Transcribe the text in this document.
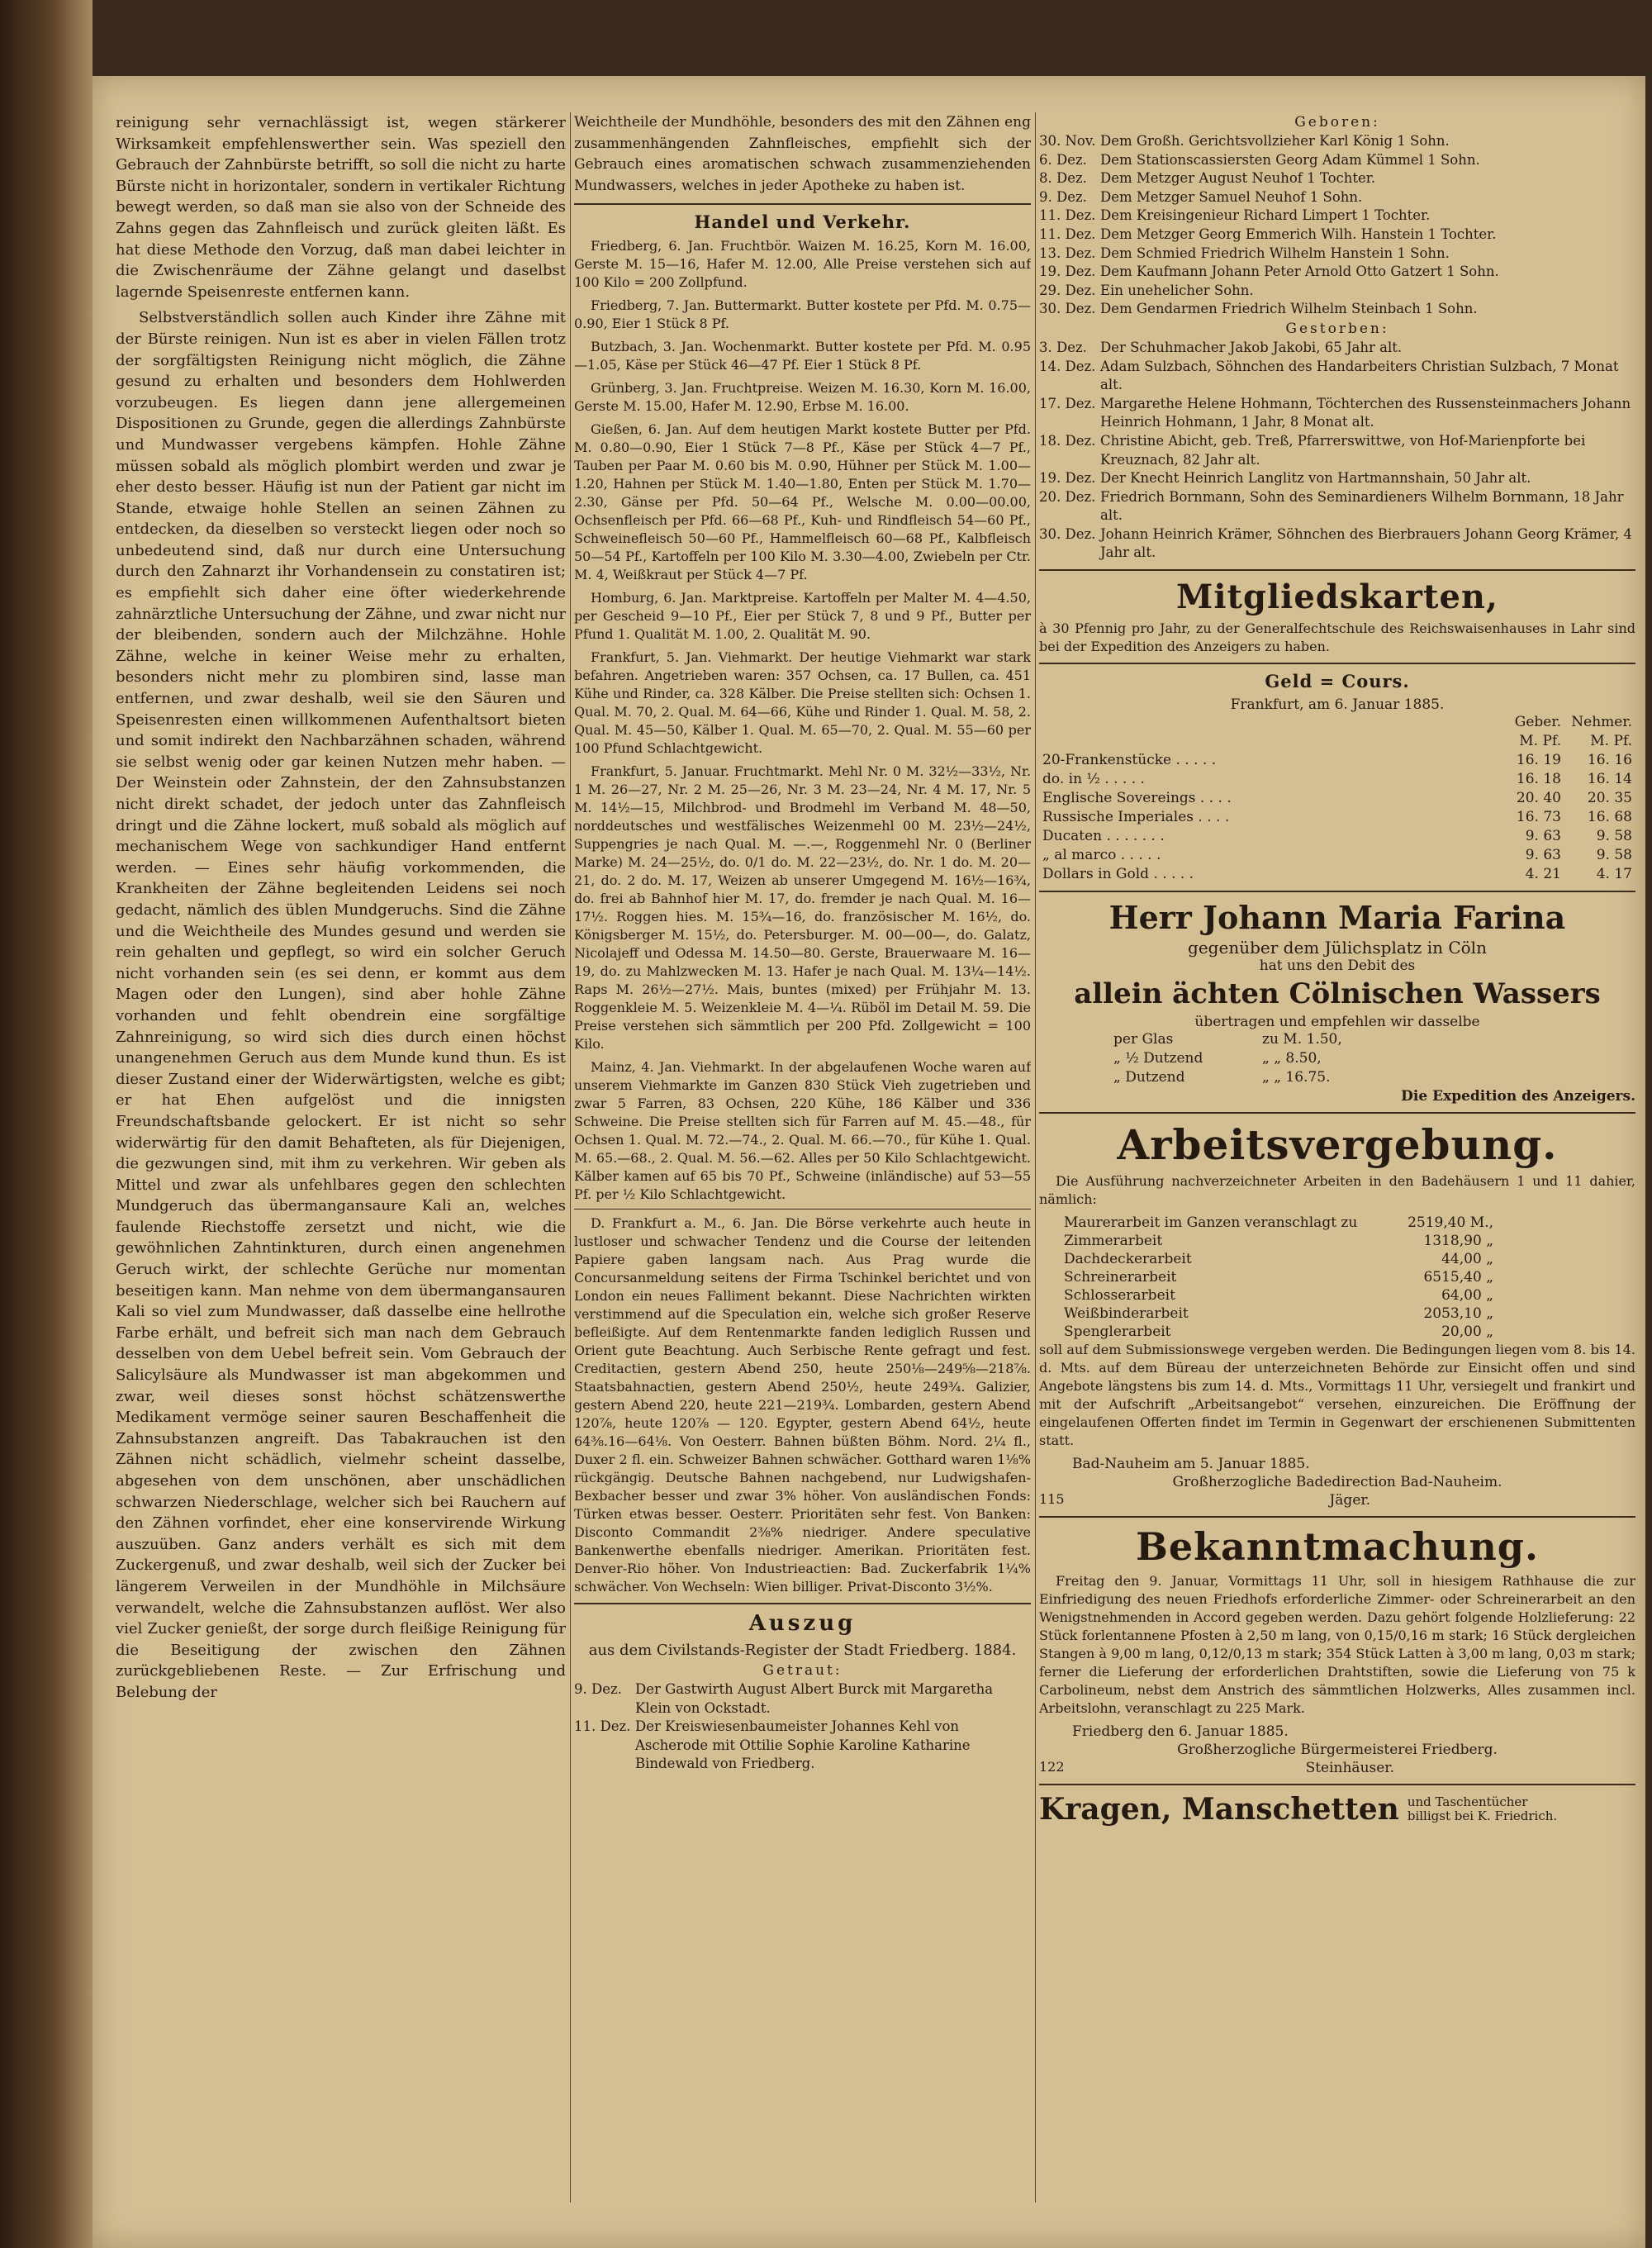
reinigung sehr vernachlässigt ist, wegen stärkerer Wirksamkeit empfehlenswerther sein. Was speziell den Gebrauch der Zahnbürste betrifft, so soll die nicht zu harte Bürste nicht in horizontaler, sondern in vertikaler Richtung bewegt werden, so daß man sie also von der Schneide des Zahns gegen das Zahnfleisch und zurück gleiten läßt. Es hat diese Methode den Vorzug, daß man dabei leichter in die Zwischenräume der Zähne gelangt und daselbst lagernde Speisenreste entfernen kann.

Selbstverständlich sollen auch Kinder ihre Zähne mit der Bürste reinigen. Nun ist es aber in vielen Fällen trotz der sorgfältigsten Reinigung nicht möglich, die Zähne gesund zu erhalten und besonders dem Hohlwerden vorzubeugen. Es liegen dann jene allergemeinen Dispositionen zu Grunde, gegen die allerdings Zahnbürste und Mundwasser vergebens kämpfen. Hohle Zähne müssen sobald als möglich plombirt werden und zwar je eher desto besser. Häufig ist nun der Patient gar nicht im Stande, etwaige hohle Stellen an seinen Zähnen zu entdecken, da dieselben so versteckt liegen oder noch so unbedeutend sind, daß nur durch eine Untersuchung durch den Zahnarzt ihr Vorhandensein zu constatiren ist; es empfiehlt sich daher eine öfter wiederkehrende zahnärztliche Untersuchung der Zähne, und zwar nicht nur der bleibenden, sondern auch der Milchzähne. Hohle Zähne, welche in keiner Weise mehr zu erhalten, besonders nicht mehr zu plombiren sind, lasse man entfernen, und zwar deshalb, weil sie den Säuren und Speisenresten einen willkommenen Aufenthaltsort bieten und somit indirekt den Nachbarzähnen schaden, während sie selbst wenig oder gar keinen Nutzen mehr haben. — Der Weinstein oder Zahnstein, der den Zahnsubstanzen nicht direkt schadet, der jedoch unter das Zahnfleisch dringt und die Zähne lockert, muß sobald als möglich auf mechanischem Wege von sachkundiger Hand entfernt werden. — Eines sehr häufig vorkommenden, die Krankheiten der Zähne begleitenden Leidens sei noch gedacht, nämlich des üblen Mundgeruchs. Sind die Zähne und die Weichtheile des Mundes gesund und werden sie rein gehalten und gepflegt, so wird ein solcher Geruch nicht vorhanden sein (es sei denn, er kommt aus dem Magen oder den Lungen), sind aber hohle Zähne vorhanden und fehlt obendrein eine sorgfältige Zahnreinigung, so wird sich dies durch einen höchst unangenehmen Geruch aus dem Munde kund thun. Es ist dieser Zustand einer der Widerwärtigsten, welche es gibt; er hat Ehen aufgelöst und die innigsten Freundschaftsbande gelockert. Er ist nicht so sehr widerwärtig für den damit Behafteten, als für Diejenigen, die gezwungen sind, mit ihm zu verkehren. Wir geben als Mittel und zwar als unfehlbares gegen den schlechten Mundgeruch das übermangansaure Kali an, welches faulende Riechstoffe zersetzt und nicht, wie die gewöhnlichen Zahntinkturen, durch einen angenehmen Geruch wirkt, der schlechte Gerüche nur momentan beseitigen kann. Man nehme von dem übermangansauren Kali so viel zum Mundwasser, daß dasselbe eine hellrothe Farbe erhält, und befreit sich man nach dem Gebrauch desselben von dem Uebel befreit sein. Vom Gebrauch der Salicylsäure als Mundwasser ist man abgekommen und zwar, weil dieses sonst höchst schätzenswerthe Medikament vermöge seiner sauren Beschaffenheit die Zahnsubstanzen angreift. Das Tabakrauchen ist den Zähnen nicht schädlich, vielmehr scheint dasselbe, abgesehen von dem unschönen, aber unschädlichen schwarzen Niederschlage, welcher sich bei Rauchern auf den Zähnen vorfindet, eher eine konservirende Wirkung auszuüben. Ganz anders verhält es sich mit dem Zuckergenuß, und zwar deshalb, weil sich der Zucker bei längerem Verweilen in der Mundhöhle in Milchsäure verwandelt, welche die Zahnsubstanzen auflöst. Wer also viel Zucker genießt, der sorge durch fleißige Reinigung für die Beseitigung der zwischen den Zähnen zurückgebliebenen Reste. — Zur Erfrischung und Belebung der

Weichtheile der Mundhöhle, besonders des mit den Zähnen eng zusammenhängenden Zahnfleisches, empfiehlt sich der Gebrauch eines aromatischen schwach zusammenziehenden Mundwassers, welches in jeder Apotheke zu haben ist.

Handel und Verkehr.

Friedberg, 6. Jan. Fruchtbör. Waizen M. 16.25, Korn M. 16.00, Gerste M. 15—16, Hafer M. 12.00, Alle Preise verstehen sich auf 100 Kilo = 200 Zollpfund.

Friedberg, 7. Jan. Buttermarkt. Butter kostete per Pfd. M. 0.75—0.90, Eier 1 Stück 8 Pf.

Butzbach, 3. Jan. Wochenmarkt. Butter kostete per Pfd. M. 0.95—1.05, Käse per Stück 46—47 Pf. Eier 1 Stück 8 Pf.

Grünberg, 3. Jan. Fruchtpreise. Weizen M. 16.30, Korn M. 16.00, Gerste M. 15.00, Hafer M. 12.90, Erbse M. 16.00.

Gießen, 6. Jan. Auf dem heutigen Markt kostete Butter per Pfd. M. 0.80—0.90, Eier 1 Stück 7—8 Pf., Käse per Stück 4—7 Pf., Tauben per Paar M. 0.60 bis M. 0.90, Hühner per Stück M. 1.00—1.20, Hahnen per Stück M. 1.40—1.80, Enten per Stück M. 1.70—2.30, Gänse per Pfd. 50—64 Pf., Welsche M. 0.00—00.00, Ochsenfleisch per Pfd. 66—68 Pf., Kuh- und Rindfleisch 54—60 Pf., Schweinefleisch 50—60 Pf., Hammelfleisch 60—68 Pf., Kalbfleisch 50—54 Pf., Kartoffeln per 100 Kilo M. 3.30—4.00, Zwiebeln per Ctr. M. 4, Weißkraut per Stück 4—7 Pf.

Homburg, 6. Jan. Marktpreise. Kartoffeln per Malter M. 4—4.50, per Gescheid 9—10 Pf., Eier per Stück 7, 8 und 9 Pf., Butter per Pfund 1. Qualität M. 1.00, 2. Qualität M. 90.

Frankfurt, 5. Jan. Viehmarkt. Der heutige Viehmarkt war stark befahren. Angetrieben waren: 357 Ochsen, ca. 17 Bullen, ca. 451 Kühe und Rinder, ca. 328 Kälber. Die Preise stellten sich: Ochsen 1. Qual. M. 70, 2. Qual. M. 64—66, Kühe und Rinder 1. Qual. M. 58, 2. Qual. M. 45—50, Kälber 1. Qual. M. 65—70, 2. Qual. M. 55—60 per 100 Pfund Schlachtgewicht.

Frankfurt, 5. Januar. Fruchtmarkt. Mehl Nr. 0 M. 32½—33½, Nr. 1 M. 26—27, Nr. 2 M. 25—26, Nr. 3 M. 23—24, Nr. 4 M. 17, Nr. 5 M. 14½—15, Milchbrod- und Brodmehl im Verband M. 48—50, norddeutsches und westfälisches Weizenmehl 00 M. 23½—24½, Suppengries je nach Qual. M. —.—, Roggenmehl Nr. 0 (Berliner Marke) M. 24—25½, do. 0/1 do. M. 22—23½, do. Nr. 1 do. M. 20—21, do. 2 do. M. 17, Weizen ab unserer Umgegend M. 16½—16¾, do. frei ab Bahnhof hier M. 17, do. fremder je nach Qual. M. 16—17½. Roggen hies. M. 15¾—16, do. französischer M. 16½, do. Königsberger M. 15½, do. Petersburger. M. 00—00—, do. Galatz, Nicolajeff und Odessa M. 14.50—80. Gerste, Brauerwaare M. 16—19, do. zu Mahlzwecken M. 13. Hafer je nach Qual. M. 13¼—14½. Raps M. 26½—27½. Mais, buntes (mixed) per Frühjahr M. 13. Roggenkleie M. 5. Weizenkleie M. 4—¼. Rüböl im Detail M. 59. Die Preise verstehen sich sämmtlich per 200 Pfd. Zollgewicht = 100 Kilo.

Mainz, 4. Jan. Viehmarkt. In der abgelaufenen Woche waren auf unserem Viehmarkte im Ganzen 830 Stück Vieh zugetrieben und zwar 5 Farren, 83 Ochsen, 220 Kühe, 186 Kälber und 336 Schweine. Die Preise stellten sich für Farren auf M. 45.—48., für Ochsen 1. Qual. M. 72.—74., 2. Qual. M. 66.—70., für Kühe 1. Qual. M. 65.—68., 2. Qual. M. 56.—62. Alles per 50 Kilo Schlachtgewicht. Kälber kamen auf 65 bis 70 Pf., Schweine (inländische) auf 53—55 Pf. per ½ Kilo Schlachtgewicht.

D. Frankfurt a. M., 6. Jan. Die Börse verkehrte auch heute in lustloser und schwacher Tendenz und die Course der leitenden Papiere gaben langsam nach. Aus Prag wurde die Concursanmeldung seitens der Firma Tschinkel berichtet und von London ein neues Falliment bekannt. Diese Nachrichten wirkten verstimmend auf die Speculation ein, welche sich großer Reserve befleißigte. Auf dem Rentenmarkte fanden lediglich Russen und Orient gute Beachtung. Auch Serbische Rente gefragt und fest. Creditactien, gestern Abend 250, heute 250⅛—249⅝—218⅞. Staatsbahnactien, gestern Abend 250½, heute 249¾. Galizier, gestern Abend 220, heute 221—219¾. Lombarden, gestern Abend 120⅞, heute 120⅞ — 120. Egypter, gestern Abend 64½, heute 64⅜.16—64⅛. Von Oesterr. Bahnen büßten Böhm. Nord. 2¼ fl., Duxer 2 fl. ein. Schweizer Bahnen schwächer. Gotthard waren 1⅛% rückgängig. Deutsche Bahnen nachgebend, nur Ludwigshafen-Bexbacher besser und zwar 3% höher. Von ausländischen Fonds: Türken etwas besser. Oesterr. Prioritäten sehr fest. Von Banken: Disconto Commandit 2⅜% niedriger. Andere speculative Bankenwerthe ebenfalls niedriger. Amerikan. Prioritäten fest. Denver-Rio höher. Von Industrieactien: Bad. Zuckerfabrik 1¼% schwächer. Von Wechseln: Wien billiger. Privat-Disconto 3½%.

Auszug
aus dem Civilstands-Register der Stadt Friedberg. 1884.
Getraut:
9. Dez. Der Gastwirth August Albert Burck mit Margaretha Klein von Ockstadt.
11. Dez. Der Kreiswiesenbaumeister Johannes Kehl von Ascherode mit Ottilie Sophie Karoline Katharine Bindewald von Friedberg.
Geboren:
30. Nov. Dem Großh. Gerichtsvollzieher Karl König 1 Sohn.
6. Dez. Dem Stationscassiersten Georg Adam Kümmel 1 Sohn.
8. Dez. Dem Metzger August Neuhof 1 Tochter.
9. Dez. Dem Metzger Samuel Neuhof 1 Sohn.
11. Dez. Dem Kreisingenieur Richard Limpert 1 Tochter.
11. Dez. Dem Metzger Georg Emmerich Wilh. Hanstein 1 Tochter.
13. Dez. Dem Schmied Friedrich Wilhelm Hanstein 1 Sohn.
19. Dez. Dem Kaufmann Johann Peter Arnold Otto Gatzert 1 Sohn.
29. Dez. Ein unehelicher Sohn.
30. Dez. Dem Gendarmen Friedrich Wilhelm Steinbach 1 Sohn.
Gestorben:
3. Dez. Der Schuhmacher Jakob Jakobi, 65 Jahr alt.
14. Dez. Adam Sulzbach, Söhnchen des Handarbeiters Christian Sulzbach, 7 Monat alt.
17. Dez. Margarethe Helene Hohmann, Töchterchen des Russensteinmachers Johann Heinrich Hohmann, 1 Jahr, 8 Monat alt.
18. Dez. Christine Abicht, geb. Treß, Pfarrerswittwe, von Hof-Marienpforte bei Kreuznach, 82 Jahr alt.
19. Dez. Der Knecht Heinrich Langlitz von Hartmannshain, 50 Jahr alt.
20. Dez. Friedrich Bornmann, Sohn des Seminardieners Wilhelm Bornmann, 18 Jahr alt.
30. Dez. Johann Heinrich Krämer, Söhnchen des Bierbrauers Johann Georg Krämer, 4 Jahr alt.
Mitgliedskarten,

à 30 Pfennig pro Jahr, zu der Generalfechtschule des Reichswaisenhauses in Lahr sind bei der Expedition des Anzeigers zu haben.

Geld = Cours.
Frankfurt, am 6. Januar 1885.
	Geber.	Nehmer.
	M. Pf.	M. Pf.
20-Frankenstücke . . . . .	16. 19	16. 16
do. in ½ . . . . .	16. 18	16. 14
Englische Sovereings . . . .	20. 40	20. 35
Russische Imperiales . . . .	16. 73	16. 68
Ducaten . . . . . . .	9. 63	9. 58
„ al marco . . . . .	9. 63	9. 58
Dollars in Gold . . . . .	4. 21	4. 17
Herr Johann Maria Farina
gegenüber dem Jülichsplatz in Cöln
hat uns den Debit des
allein ächten Cölnischen Wassers
übertragen und empfehlen wir dasselbe
per Glas	zu M. 1.50,
„ ½ Dutzend	„ „ 8.50,
„ Dutzend	„ „ 16.75.
Die Expedition des Anzeigers.
Arbeitsvergebung.

Die Ausführung nachverzeichneter Arbeiten in den Badehäusern 1 und 11 dahier, nämlich:

Maurerarbeit im Ganzen veranschlagt zu	2519,40 M.,
Zimmerarbeit	1318,90 „
Dachdeckerarbeit	44,00 „
Schreinerarbeit	6515,40 „
Schlosserarbeit	64,00 „
Weißbinderarbeit	2053,10 „
Spenglerarbeit	20,00 „

soll auf dem Submissionswege vergeben werden. Die Bedingungen liegen vom 8. bis 14. d. Mts. auf dem Büreau der unterzeichneten Behörde zur Einsicht offen und sind Angebote längstens bis zum 14. d. Mts., Vormittags 11 Uhr, versiegelt und frankirt und mit der Aufschrift „Arbeitsangebot“ versehen, einzureichen. Die Eröffnung der eingelaufenen Offerten findet im Termin in Gegenwart der erschienenen Submittenten statt.

Bad-Nauheim am 5. Januar 1885.
Großherzogliche Badedirection Bad-Nauheim.
115	Jäger.
Bekanntmachung.

Freitag den 9. Januar, Vormittags 11 Uhr, soll in hiesigem Rathhause die zur Einfriedigung des neuen Friedhofs erforderliche Zimmer- oder Schreinerarbeit an den Wenigstnehmenden in Accord gegeben werden. Dazu gehört folgende Holzlieferung: 22 Stück forlentannene Pfosten à 2,50 m lang, von 0,15/0,16 m stark; 16 Stück dergleichen Stangen à 9,00 m lang, 0,12/0,13 m stark; 354 Stück Latten à 3,00 m lang, 0,03 m stark; ferner die Lieferung der erforderlichen Drahtstiften, sowie die Lieferung von 75 k Carbolineum, nebst dem Anstrich des sämmtlichen Holzwerks, Alles zusammen incl. Arbeitslohn, veranschlagt zu 225 Mark.

Friedberg den 6. Januar 1885.
Großherzogliche Bürgermeisterei Friedberg.
122	Steinhäuser.
Kragen, Manschetten und Taschentücher
billigst bei K. Friedrich.
